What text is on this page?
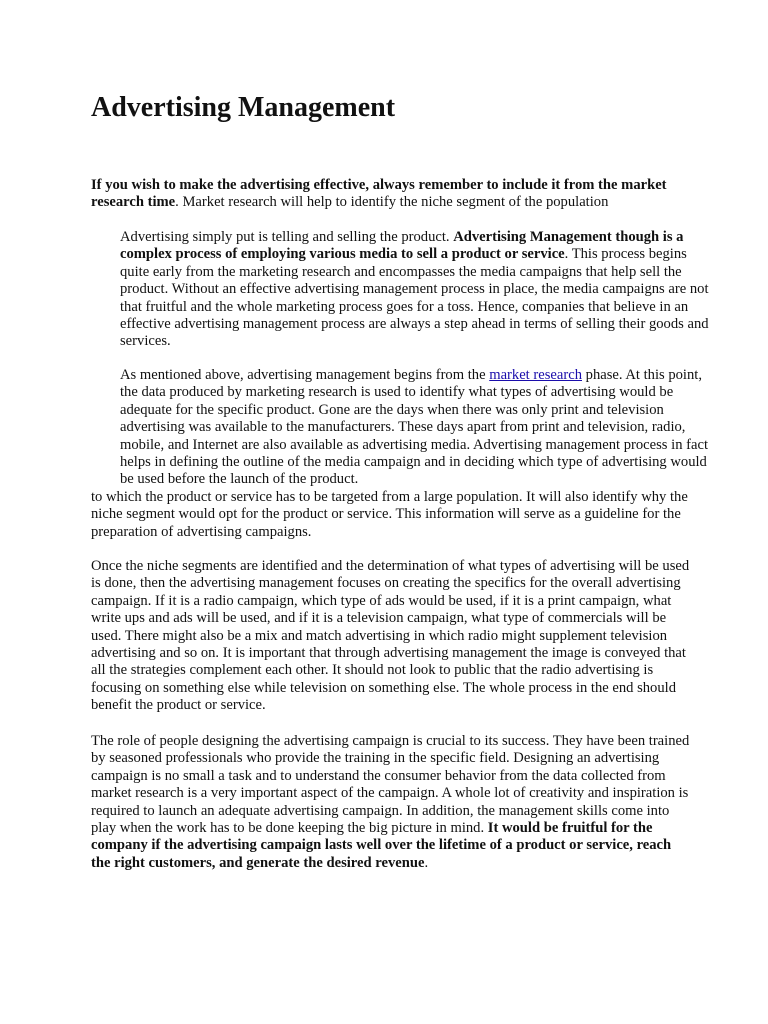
Advertising Management

If you wish to make the advertising effective, always remember to include it from the market research time. Market research will help to identify the niche segment of the population

Advertising simply put is telling and selling the product. Advertising Management though is a complex process of employing various media to sell a product or service. This process begins quite early from the marketing research and encompasses the media campaigns that help sell the product. Without an effective advertising management process in place, the media campaigns are not that fruitful and the whole marketing process goes for a toss. Hence, companies that believe in an effective advertising management process are always a step ahead in terms of selling their goods and services.

As mentioned above, advertising management begins from the market research phase. At this point, the data produced by marketing research is used to identify what types of advertising would be adequate for the specific product. Gone are the days when there was only print and television advertising was available to the manufacturers. These days apart from print and television, radio, mobile, and Internet are also available as advertising media. Advertising management process in fact helps in defining the outline of the media campaign and in deciding which type of advertising would be used before the launch of the product.

to which the product or service has to be targeted from a large population. It will also identify why the niche segment would opt for the product or service. This information will serve as a guideline for the preparation of advertising campaigns.

Once the niche segments are identified and the determination of what types of advertising will be used is done, then the advertising management focuses on creating the specifics for the overall advertising campaign. If it is a radio campaign, which type of ads would be used, if it is a print campaign, what write ups and ads will be used, and if it is a television campaign, what type of commercials will be used. There might also be a mix and match advertising in which radio might supplement television advertising and so on. It is important that through advertising management the image is conveyed that all the strategies complement each other. It should not look to public that the radio advertising is focusing on something else while television on something else. The whole process in the end should benefit the product or service.

The role of people designing the advertising campaign is crucial to its success. They have been trained by seasoned professionals who provide the training in the specific field. Designing an advertising campaign is no small a task and to understand the consumer behavior from the data collected from market research is a very important aspect of the campaign. A whole lot of creativity and inspiration is required to launch an adequate advertising campaign. In addition, the management skills come into play when the work has to be done keeping the big picture in mind. It would be fruitful for the company if the advertising campaign lasts well over the lifetime of a product or service, reach the right customers, and generate the desired revenue.
